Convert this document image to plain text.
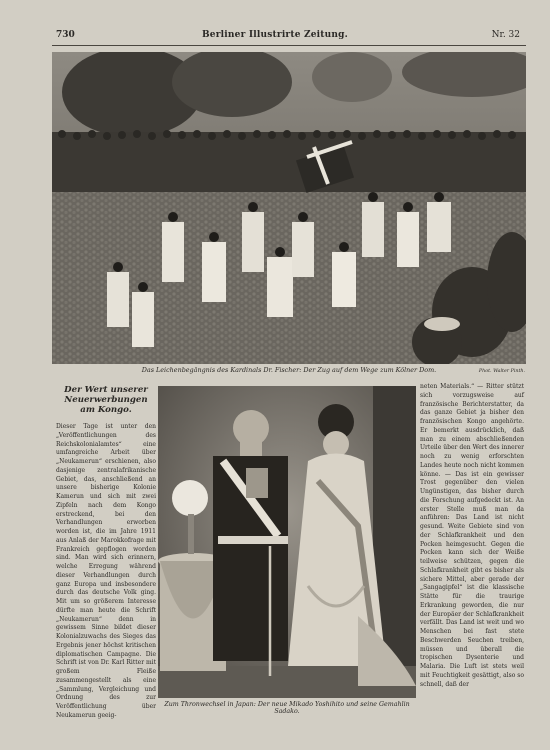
730	Berliner Illustrirte Zeitung.	Nr. 32
Das Leichenbegängnis des Kardinals Dr. Fischer: Der Zug auf dem Wege zum Kölner Dom.	Phot. Walter Pinth.
Der Wert unserer Neuerwerbungen am Kongo.

Dieser Tage ist unter den „Veröffentlichungen des Reichskolonialamtes“ eine umfangreiche Arbeit über „Neukamerun“ erschienen, also dasjenige zentralafrikanische Gebiet, das, anschließend an unsere bisherige Kolonie Kamerun und sich mit zwei Zipfeln nach dem Kongo erstreckend, bei den Verhandlungen erworben worden ist, die im Jahre 1911 aus Anlaß der Marokkofrage mit Frankreich gepflogen worden sind. Man wird sich erinnern, welche Erregung während dieser Verhandlungen durch ganz Europa und insbesondere durch das deutsche Volk ging. Mit um so größerem Interesse dürfte man heute die Schrift „Neukamerun“ denn in gewissem Sinne bildet dieser Kolonialzuwachs des Sieges das Ergebnis jener höchst kritischen diplomatischen Campagne. Die Schrift ist von Dr. Karl Ritter mit großem Fleiße zusammengestellt als eine „Sammlung, Vergleichung und Ordnung des zur Veröffentlichung über Neukamerun geeig-

Zum Thronwechsel in Japan: Der neue Mikado Yoshihito und seine Gemahlin Sadako.
neten Materials.“ — Ritter stützt sich vorzugsweise auf französische Berichterstatter, da das ganze Gebiet ja bisher den französischen Kongo angehörte. Er bemerkt ausdrücklich, daß man zu einem abschließenden Urteile über den Wert des innerer noch zu wenig erforschten Landes heute noch nicht kommen könne. — Das ist ein gewisser Trost gegenüber den vielen Ungünstigen, das bisher durch die Forschung aufgedeckt ist. An erster Stelle muß man da anführen: Das Land ist nicht gesund. Weite Gebiete sind von der Schlafkrankheit und den Pocken heimgesucht. Gegen die Pocken kann sich der Weiße teilweise schützen, gegen die Schlafkrankheit gibt es bisher als sichere Mittel, aber gerade der „Sangagipfel“ ist die klassische Stätte für die traurige Erkrankung geworden, die nur der Europäer der Schlafkrankheit verfällt. Das Land ist weit und wo Menschen bei fast stete Beschwerden Seuchen treiben, müssen und überall die tropischen Dysenterie und Malaria. Die Luft ist stets weil mit Feuchtigkeit gesättigt, also so schnell, daß der
